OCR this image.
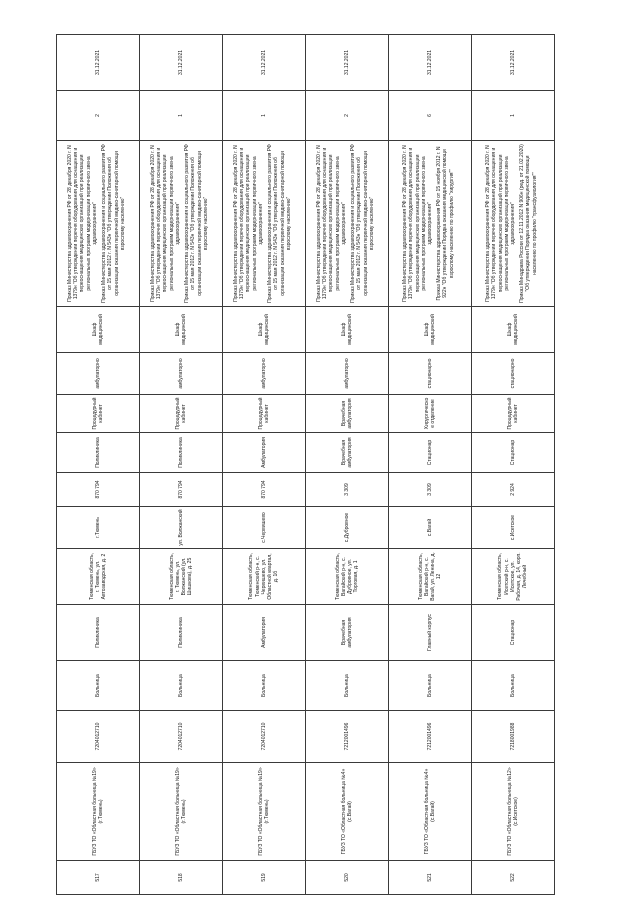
517	ГБУЗ ТО «Областная больница №19» (г.Тюмень)	7204012710	Больница	Поликлиника	Тюменская область, г. Тюмень, ул. Автозаводская, д. 2	г.Тюмень	870 794	Поликлиника	Процедурный кабинет	амбулаторно	Шкаф медицинский	Приказ Министерства здравоохранения РФ от 28 декабря 2020 г. N 1379н "Об утверждении перечня оборудования для оснащения и переоснащения медицинских организаций при реализации региональных программ модернизации первичного звена здравоохранения" Приказ Министерства здравоохранения и социального развития РФ от 15 мая 2012 г. N 543н "Об утверждении Положения об организации оказания первичной медико-санитарной помощи взрослому населению"	2	31.12.2021
518	ГБУЗ ТО «Областная больница №19» (г.Тюмень)	7204012710	Больница	Поликлиника	Тюменская область, г. Тюмень, ул. Волжанский (ул. Шишкова), д. 25	ул. Волжанский	870 794	Поликлиника	Процедурный кабинет	амбулаторно	Шкаф медицинский	Приказ Министерства здравоохранения РФ от 28 декабря 2020 г. N 1379н "Об утверждении перечня оборудования для оснащения и переоснащения медицинских организаций при реализации региональных программ модернизации первичного звена здравоохранения" Приказ Министерства здравоохранения и социального развития РФ от 15 мая 2012 г. N 543н "Об утверждении Положения об организации оказания первичной медико-санитарной помощи взрослому населению"	1	31.12.2021
519	ГБУЗ ТО «Областная больница №19» (г.Тюмень)	7204012710	Больница	Амбулатория	Тюменская область, Тюменский р-н, с. Червишево, ул. Областной квартал, д. 1б	с.Червишево	870 794	Амбулатория	Процедурный кабинет	амбулаторно	Шкаф медицинский	Приказ Министерства здравоохранения РФ от 28 декабря 2020 г. N 1379н "Об утверждении перечня оборудования для оснащения и переоснащения медицинских организаций при реализации региональных программ модернизации первичного звена здравоохранения" Приказ Министерства здравоохранения и социального развития РФ от 15 мая 2012 г. N 543н "Об утверждении Положения об организации оказания первичной медико-санитарной помощи взрослому населению"	1	31.12.2021
520	ГБУЗ ТО «Областная больница №4» (с.Вагай)	7212001496	Больница	Врачебная амбулатория	Тюменская область, Вагайский р-н, с. Дубровное, ул. Торговая, д. 1	с.Дубровное	3 309	Врачебная амбулатория	Врачебная амбулатория	амбулаторно	Шкаф медицинский	Приказ Министерства здравоохранения РФ от 28 декабря 2020 г. N 1379н "Об утверждении перечня оборудования для оснащения и переоснащения медицинских организаций при реализации региональных программ модернизации первичного звена здравоохранения" Приказ Министерства здравоохранения и социального развития РФ от 15 мая 2012 г. N 543н "Об утверждении Положения об организации оказания первичной медико-санитарной помощи взрослому населению"	2	31.12.2021
521	ГБУЗ ТО «Областная больница №4» (с.Вагай)	7212001496	Больница	Главный корпус	Тюменская область, Вагайский р-н, с. Вагай, ул. Ленина, д. 12	с.Вагай	3 309	Стационар	Хирургическое отделение	стационарно	Шкаф медицинский	Приказ Министерства здравоохранения РФ от 28 декабря 2020 г. N 1379н "Об утверждении перечня оборудования для оснащения и переоснащения медицинских организаций при реализации региональных программ модернизации первичного звена здравоохранения" Приказ Министерства здравоохранения РФ от 15 ноября 2012 г. N 922н "Об утверждении Порядка оказания медицинской помощи взрослому населению по профилю "хирургия""	6	31.12.2021
522	ГБУЗ ТО «Областная больница №12» (с.Исетское)	7218001988	Больница	Стационар	Тюменская область, Исетский р-н, с. Исетское, ул. Рабочая, д. 14, корп. Лечебный	с.Исетское	2 924	Стационар	Процедурный кабинет	стационарно	Шкаф медицинский	Приказ Министерства здравоохранения РФ от 28 декабря 2020 г. N 1379н "Об утверждении перечня оборудования для оснащения и переоснащения медицинских организаций при реализации региональных программ модернизации первичного звена здравоохранения" Приказ Минздрава России от 12.11.2012 N 906н (ред. от 21.02.2020) "Об утверждении Порядка оказания медицинской помощи населению по профилю "трансфузиология""	1	31.12.2021
